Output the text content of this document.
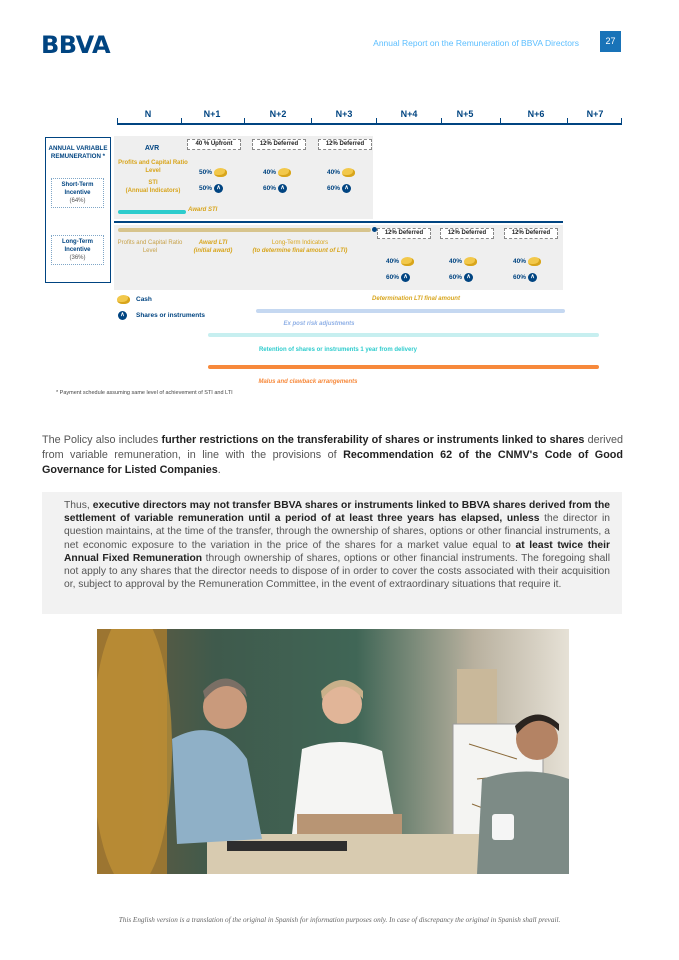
BBVA	Annual Report on the Remuneration of BBVA Directors	27
N	N+1	N+2	N+3	N+4	N+5	N+6	N+7
ANNUAL VARIABLE REMUNERATION *
Short-Term Incentive
(64%)
Long-Term Incentive
(36%)
AVR
Profits and Capital Ratio Level
STI
(Annual Indicators)
Award STI
40 % Upfront
50%
50% ∧
12% Deferred
40%
60% ∧
12% Deferred
40%
60% ∧
Profits and Capital Ratio Level
Award LTI
(initial award)
Long-Term Indicators
(to determine final amount of LTI)
12% Deferred
40%
60% ∧
12% Deferred
40%
60% ∧
12% Deferred
40%
60% ∧
Cash
∧ Shares or instruments
Determination LTI final amount
Ex post risk adjustments
Retention of shares or instruments 1 year from delivery
Malus and clawback arrangements
* Payment schedule assuming same level of achievement of STI and LTI
The Policy also includes further restrictions on the transferability of shares or instruments linked to shares derived from variable remuneration, in line with the provisions of Recommendation 62 of the CNMV's Code of Good Governance for Listed Companies.
Thus, executive directors may not transfer BBVA shares or instruments linked to BBVA shares derived from the settlement of variable remuneration until a period of at least three years has elapsed, unless the director in question maintains, at the time of the transfer, through the ownership of shares, options or other financial instruments, a net economic exposure to the variation in the price of the shares for a market value equal to at least twice their Annual Fixed Remuneration through ownership of shares, options or other financial instruments. The foregoing shall not apply to any shares that the director needs to dispose of in order to cover the costs associated with their acquisition or, subject to approval by the Remuneration Committee, in the event of extraordinary situations that require it.
This English version is a translation of the original in Spanish for information purposes only. In case of discrepancy the original in Spanish shall prevail.
